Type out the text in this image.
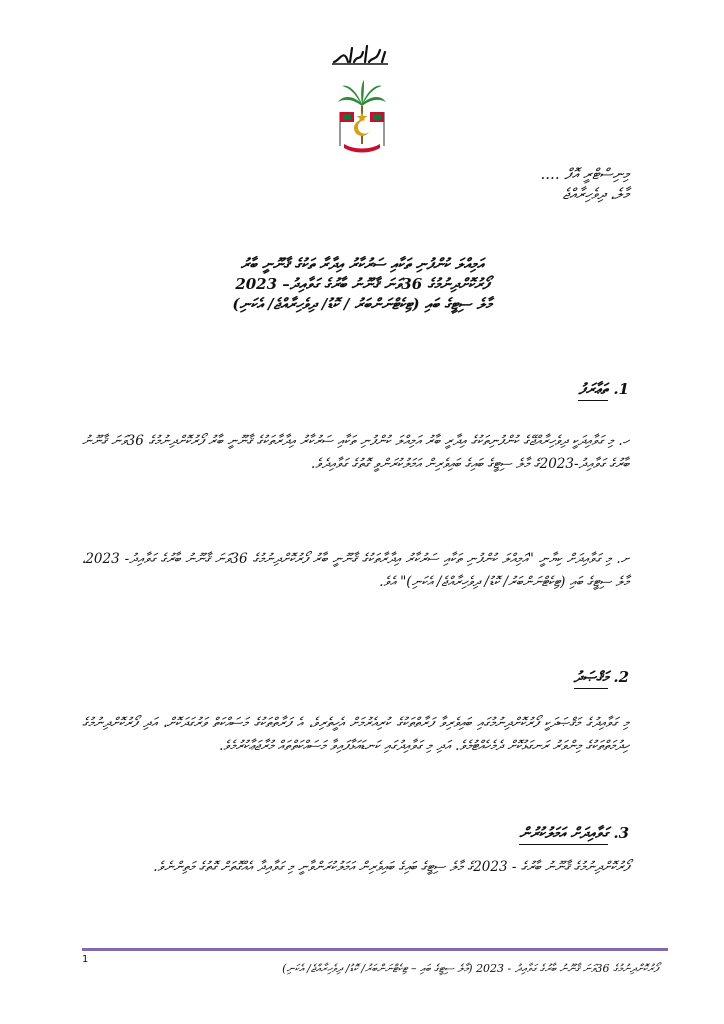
މިނިސްޓްރީ އޮފް ....
މާލެ، ދިވެހިރާއްޖެ
އަމިއްލަ ކުންފުނި ތަކާއި ސަރުކާރު އިދާރާ ތަކުގެ ޤާނޫނީ ބާރު
ފޯރުކޮށްދިނުމުގެ 36ވަނަ ޤާނޫނު ބާރުގެ ގަވާއިދު– 2023
މާލެ ސިޓީގެ ބައި (ޓިކެޓްނަންބަރު / ކޮޑު/ ދިވެހިރާއްޖެ/ އެކަނި)
1. ތަޢާރަފު
ހ. މި ގަވާއިދަކީ ދިވެހިރާއްޖޭގެ ކުންފުނިތަކުގެ އިދާރީ ބާރު އަމިއްލަ ކުންފުނި ތަކާއި ސަރުކާރު އިދާރާތަކުގެ ޤާނޫނީ ބާރު ފޯރުކޮށްދިނުމުގެ 36ވަނަ ޤާނޫނު ބާރުގެ ގަވާއިދު-2023ގެ މާލެ ސިޓީގެ ބައިގެ ބައިވެރިން އަމަލުކުރަންވީ ގޮތުގެ ގަވާއިދެވެ.
ށ. މި ގަވާއިދަށް ކިޔާނީ "އަމިއްލަ ކުންފުނި ތަކާއި ސަރުކާރު އިދާރާތަކުގެ ޤާނޫނީ ބާރު ފޯރުކޮށްދިނުމުގެ 36ވަނަ ޤާނޫނު ބާރުގެ ގަވާއިދު- 2023، މާލެ ސިޓީގެ ބައި (ޓިކެޓްނަންބަރު/ ކޮޑު/ ދިވެހިރާއްޖެ/ އެކަނި)" އެވެ.
2. މަޤްޞަދު
މި ގަވާއިދުގެ މަޤްޞަދަކީ ފޯރުކޮށްދިނުމުގައި ބައިވެރިވާ ފަރާތްތަކުގެ ކުރިއެރުމަށް އެހީތެރިވެ، އެ ފަރާތްތަކުގެ މަސައްކަތް ވަރުގަދަކޮށް، އަދި ފޯރުކޮށްދިނުމުގެ ހިދުމަތްތަކުގެ މިންވަރު ރަނގަޅުކޮށް ދެމެހެއްޓުމެވެ. އަދި މި ގަވާއިދުގައި ކަނޑައަޅާފައިވާ މަސައްކަތްތައް މުރާޖަޢާކުރުމެވެ.
3. ގަވާއިދަށް އަމަލުކުރުން
ފޯރުކޮށްދިނުމުގެ ޤާނޫނު ބާރުގެ - 2023ގެ މާލެ ސިޓީގެ ބައިގެ ބައިވެރިން އަމަލުކުރަންވާނީ މި ގަވާއިދާ އެއްގޮތަށް ގޮތުގެ މަތިންނެވެ.
1
ފޯރުކޮށްދިނުމުގެ 36ވަނަ ޤާނޫނު ބާރުގެ ގަވާއިދު - 2023 (މާލެ ސިޓީގެ ބައި – ޓިކެޓްނަންބަރު/ ކޮޑު/ ދިވެހިރާއްޖެ/ އެކަނި)
